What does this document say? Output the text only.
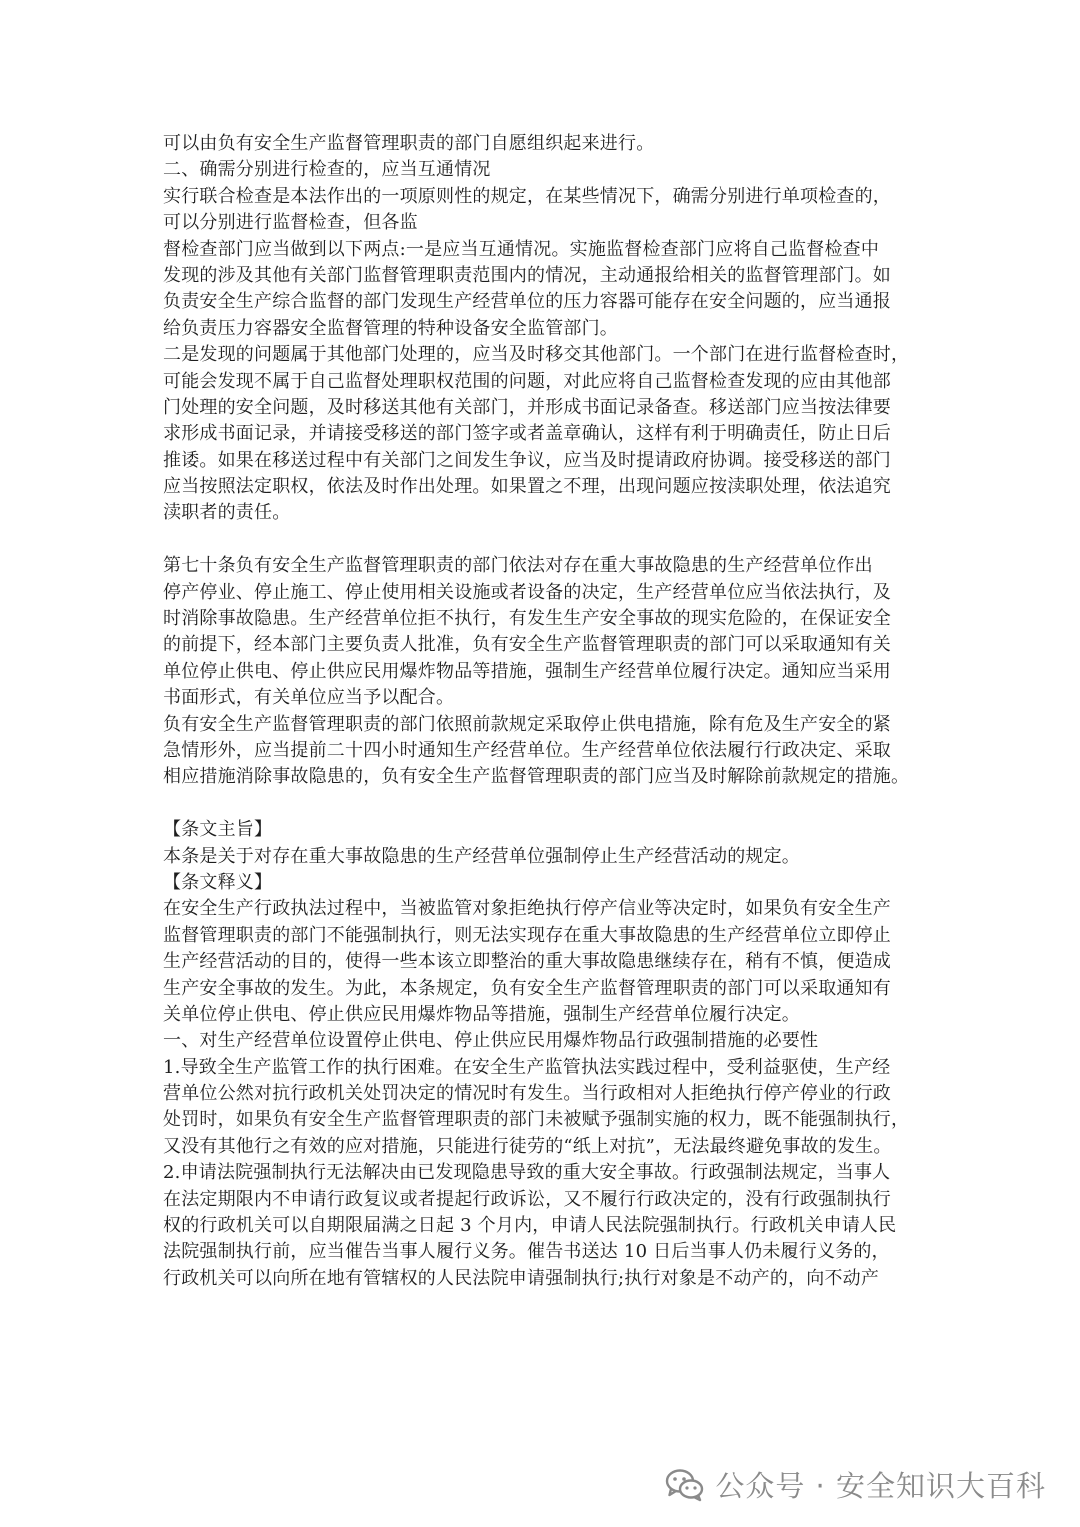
可以由负有安全生产监督管理职责的部门自愿组织起来进行。
二、确需分别进行检查的，应当互通情况
实行联合检查是本法作出的一项原则性的规定，在某些情况下，确需分别进行单项检查的，
可以分别进行监督检查，但各监
督检查部门应当做到以下两点:一是应当互通情况。实施监督检查部门应将自己监督检查中
发现的涉及其他有关部门监督管理职责范围内的情况，主动通报给相关的监督管理部门。如
负责安全生产综合监督的部门发现生产经营单位的压力容器可能存在安全问题的，应当通报
给负责压力容器安全监督管理的特种设备安全监管部门。
二是发现的问题属于其他部门处理的，应当及时移交其他部门。一个部门在进行监督检查时，
可能会发现不属于自己监督处理职权范围的问题，对此应将自己监督检查发现的应由其他部
门处理的安全问题，及时移送其他有关部门，并形成书面记录备查。移送部门应当按法律要
求形成书面记录，并请接受移送的部门签字或者盖章确认，这样有利于明确责任，防止日后
推诿。如果在移送过程中有关部门之间发生争议，应当及时提请政府协调。接受移送的部门
应当按照法定职权，依法及时作出处理。如果置之不理，出现问题应按渎职处理，依法追究
渎职者的责任。
第七十条负有安全生产监督管理职责的部门依法对存在重大事故隐患的生产经营单位作出
停产停业、停止施工、停止使用相关设施或者设备的决定，生产经营单位应当依法执行，及
时消除事故隐患。生产经营单位拒不执行，有发生生产安全事故的现实危险的，在保证安全
的前提下，经本部门主要负责人批准，负有安全生产监督管理职责的部门可以采取通知有关
单位停止供电、停止供应民用爆炸物品等措施，强制生产经营单位履行决定。通知应当采用
书面形式，有关单位应当予以配合。
负有安全生产监督管理职责的部门依照前款规定采取停止供电措施，除有危及生产安全的紧
急情形外，应当提前二十四小时通知生产经营单位。生产经营单位依法履行行政决定、采取
相应措施消除事故隐患的，负有安全生产监督管理职责的部门应当及时解除前款规定的措施。
【条文主旨】
本条是关于对存在重大事故隐患的生产经营单位强制停止生产经营活动的规定。
【条文释义】
在安全生产行政执法过程中，当被监管对象拒绝执行停产信业等决定时，如果负有安全生产
监督管理职责的部门不能强制执行，则无法实现存在重大事故隐患的生产经营单位立即停止
生产经营活动的目的，使得一些本该立即整治的重大事故隐患继续存在，稍有不慎，便造成
生产安全事故的发生。为此，本条规定，负有安全生产监督管理职责的部门可以采取通知有
关单位停止供电、停止供应民用爆炸物品等措施，强制生产经营单位履行决定。
一、对生产经营单位设置停止供电、停止供应民用爆炸物品行政强制措施的必要性
1.导致全生产监管工作的执行困难。在安全生产监管执法实践过程中，受利益驱使，生产经
营单位公然对抗行政机关处罚决定的情况时有发生。当行政相对人拒绝执行停产停业的行政
处罚时，如果负有安全生产监督管理职责的部门未被赋予强制实施的权力，既不能强制执行，
又没有其他行之有效的应对措施，只能进行徒劳的“纸上对抗”，无法最终避免事故的发生。
2.申请法院强制执行无法解决由已发现隐患导致的重大安全事故。行政强制法规定，当事人
在法定期限内不申请行政复议或者提起行政诉讼，又不履行行政决定的，没有行政强制执行
权的行政机关可以自期限届满之日起 3 个月内，申请人民法院强制执行。行政机关申请人民
法院强制执行前，应当催告当事人履行义务。催告书送达 10 日后当事人仍未履行义务的，
行政机关可以向所在地有管辖权的人民法院申请强制执行;执行对象是不动产的，向不动产
公众号 · 安全知识大百科
